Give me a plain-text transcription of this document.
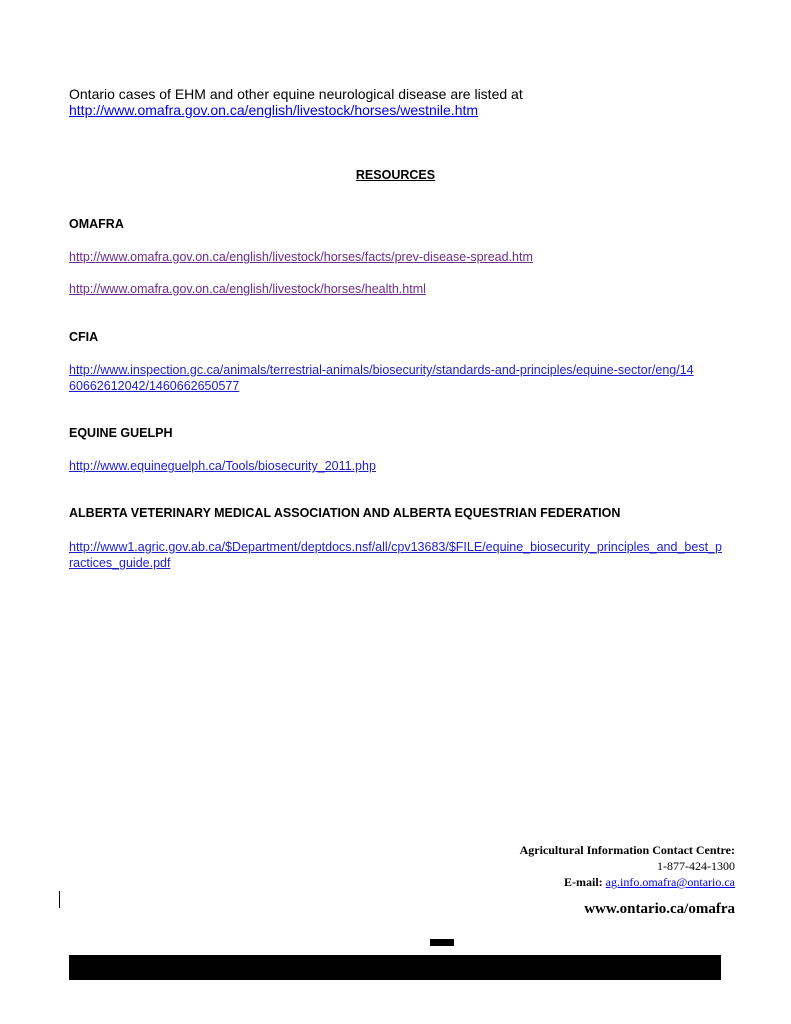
Ontario cases of EHM and other equine neurological disease are listed at
http://www.omafra.gov.on.ca/english/livestock/horses/westnile.htm
RESOURCES
OMAFRA
http://www.omafra.gov.on.ca/english/livestock/horses/facts/prev-disease-spread.htm
http://www.omafra.gov.on.ca/english/livestock/horses/health.html
CFIA
http://www.inspection.gc.ca/animals/terrestrial-animals/biosecurity/standards-and-principles/equine-sector/eng/1460662612042/1460662650577
EQUINE GUELPH
http://www.equineguelph.ca/Tools/biosecurity_2011.php
ALBERTA VETERINARY MEDICAL ASSOCIATION AND ALBERTA EQUESTRIAN FEDERATION
http://www1.agric.gov.ab.ca/$Department/deptdocs.nsf/all/cpv13683/$FILE/equine_biosecurity_principles_and_best_practices_guide.pdf
Agricultural Information Contact Centre:
1-877-424-1300
E-mail: ag.info.omafra@ontario.ca
www.ontario.ca/omafra
